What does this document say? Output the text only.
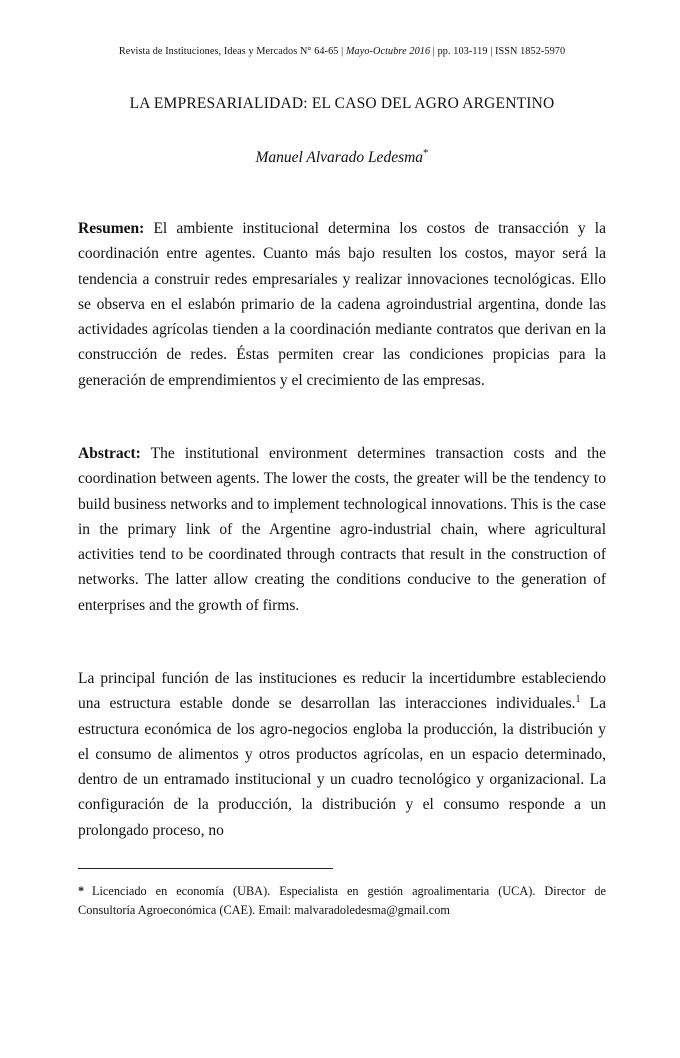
Revista de Instituciones, Ideas y Mercados N° 64-65 | Mayo-Octubre 2016 | pp. 103-119 | ISSN 1852-5970
LA EMPRESARIALIDAD: EL CASO DEL AGRO ARGENTINO
Manuel Alvarado Ledesma*

Resumen: El ambiente institucional determina los costos de transacción y la coordinación entre agentes. Cuanto más bajo resulten los costos, mayor será la tendencia a construir redes empresariales y realizar innovaciones tecnológicas. Ello se observa en el eslabón primario de la cadena agroindustrial argentina, donde las actividades agrícolas tienden a la coordinación mediante contratos que derivan en la construcción de redes. Éstas permiten crear las condiciones propicias para la generación de emprendimientos y el crecimiento de las empresas.

Abstract: The institutional environment determines transaction costs and the coordination between agents. The lower the costs, the greater will be the tendency to build business networks and to implement technological innovations. This is the case in the primary link of the Argentine agro-industrial chain, where agricultural activities tend to be coordinated through contracts that result in the construction of networks. The latter allow creating the conditions conducive to the generation of enterprises and the growth of firms.

La principal función de las instituciones es reducir la incertidumbre estableciendo una estructura estable donde se desarrollan las interacciones individuales.$^1$ La estructura económica de los agro-negocios engloba la producción, la distribución y el consumo de alimentos y otros productos agrícolas, en un espacio determinado, dentro de un entramado institucional y un cuadro tecnológico y organizacional. La configuración de la producción, la distribución y el consumo responde a un prolongado proceso, no

* Licenciado en economía (UBA). Especialista en gestión agroalimentaria (UCA). Director de Consultoría Agroeconómica (CAE). Email: malvaradoledesma@gmail.com
